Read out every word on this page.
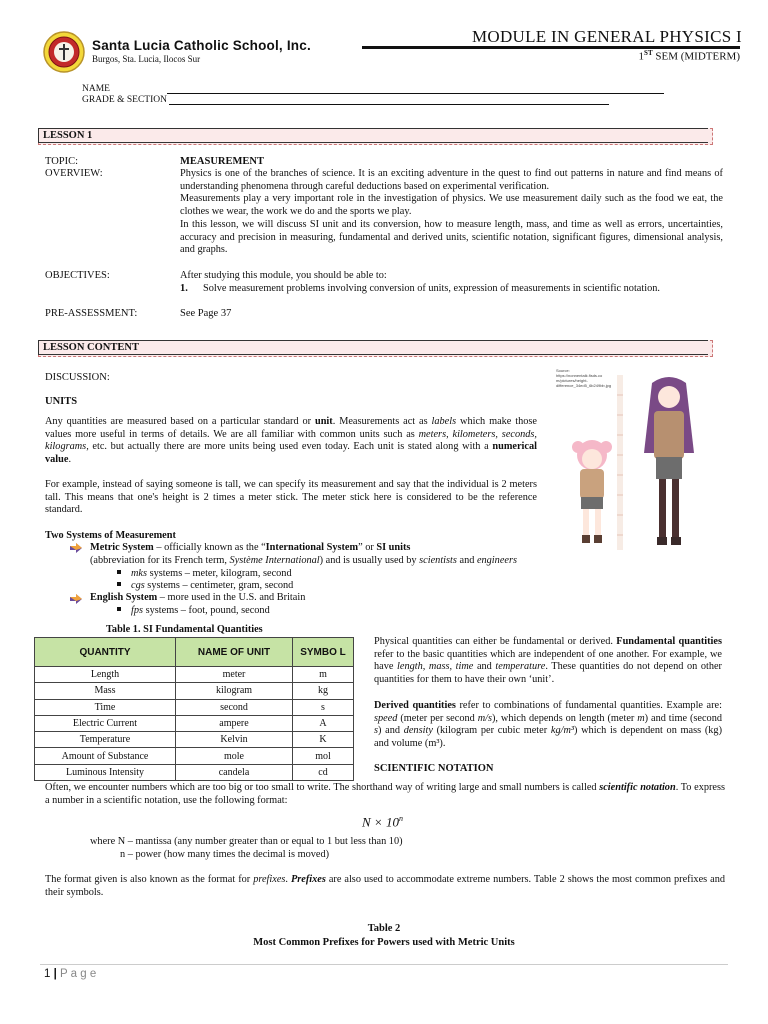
Santa Lucia Catholic School, Inc.
Burgos, Sta. Lucia, Ilocos Sur
MODULE IN GENERAL PHYSICS I
1ST SEM (MIDTERM)
NAME
GRADE & SECTION
LESSON 1
TOPIC:	MEASUREMENT
OVERVIEW:	Physics is one of the branches of science. It is an exciting adventure in the quest to find out patterns in nature and find means of understanding phenomena through careful deductions based on experimental verification.

Measurements play a very important role in the investigation of physics. We use measurement daily such as the food we eat, the clothes we wear, the work we do and the sports we play.

In this lesson, we will discuss SI unit and its conversion, how to measure length, mass, and time as well as errors, uncertainties, accuracy and precision in measuring, fundamental and derived units, scientific notation, significant figures, dimensional analysis, and graphs.

OBJECTIVES:	After studying this module, you should be able to:
1. Solve measurement problems involving conversion of units, expression of measurements in scientific notation.
PRE-ASSESSMENT:	See Page 37
LESSON CONTENT
DISCUSSION:
UNITS
Any quantities are measured based on a particular standard or unit. Measurements act as labels which make those values more useful in terms of details. We are all familiar with common units such as meters, kilometers, seconds, kilograms, etc. but actually there are more units being used even today. Each unit is stated along with a numerical value.
For example, instead of saying someone is tall, we can specify its measurement and say that the individual is 2 meters tall. This means that one's height is 2 times a meter stick. The meter stick here is considered to be the reference standard.
Source: https://nonnentalk.fisds.co m/pictures/height-difference_34ed5_6b249bb.jpg
Two Systems of Measurement
Metric System – officially known as the “International System” or SI units
(abbreviation for its French term, Système International) and is usually used by scientists and engineers
mks systems – meter, kilogram, second
cgs systems – centimeter, gram, second
English System – more used in the U.S. and Britain
fps systems – foot, pound, second
Table 1. SI Fundamental Quantities
QUANTITY	NAME OF UNIT	SYMBO L
Length	meter	m
Mass	kilogram	kg
Time	second	s
Electric Current	ampere	A
Temperature	Kelvin	K
Amount of Substance	mole	mol
Luminous Intensity	candela	cd
Physical quantities can either be fundamental or derived. Fundamental quantities refer to the basic quantities which are independent of one another. For example, we have length, mass, time and temperature. These quantities do not depend on other quantities for them to have their own ‘unit’.
Derived quantities refer to combinations of fundamental quantities. Example are: speed (meter per second m/s), which depends on length (meter m) and time (second s) and density (kilogram per cubic meter kg/m³) which is dependent on mass (kg) and volume (m³).
SCIENTIFIC NOTATION
Often, we encounter numbers which are too big or too small to write. The shorthand way of writing large and small numbers is called scientific notation. To express a number in a scientific notation, use the following format:
$N \times 10^n$
where N – mantissa (any number greater than or equal to 1 but less than 10)
n – power (how many times the decimal is moved)
The format given is also known as the format for prefixes. Prefixes are also used to accommodate extreme numbers. Table 2 shows the most common prefixes and their symbols.
Table 2
Most Common Prefixes for Powers used with Metric Units
1 | P a g e
